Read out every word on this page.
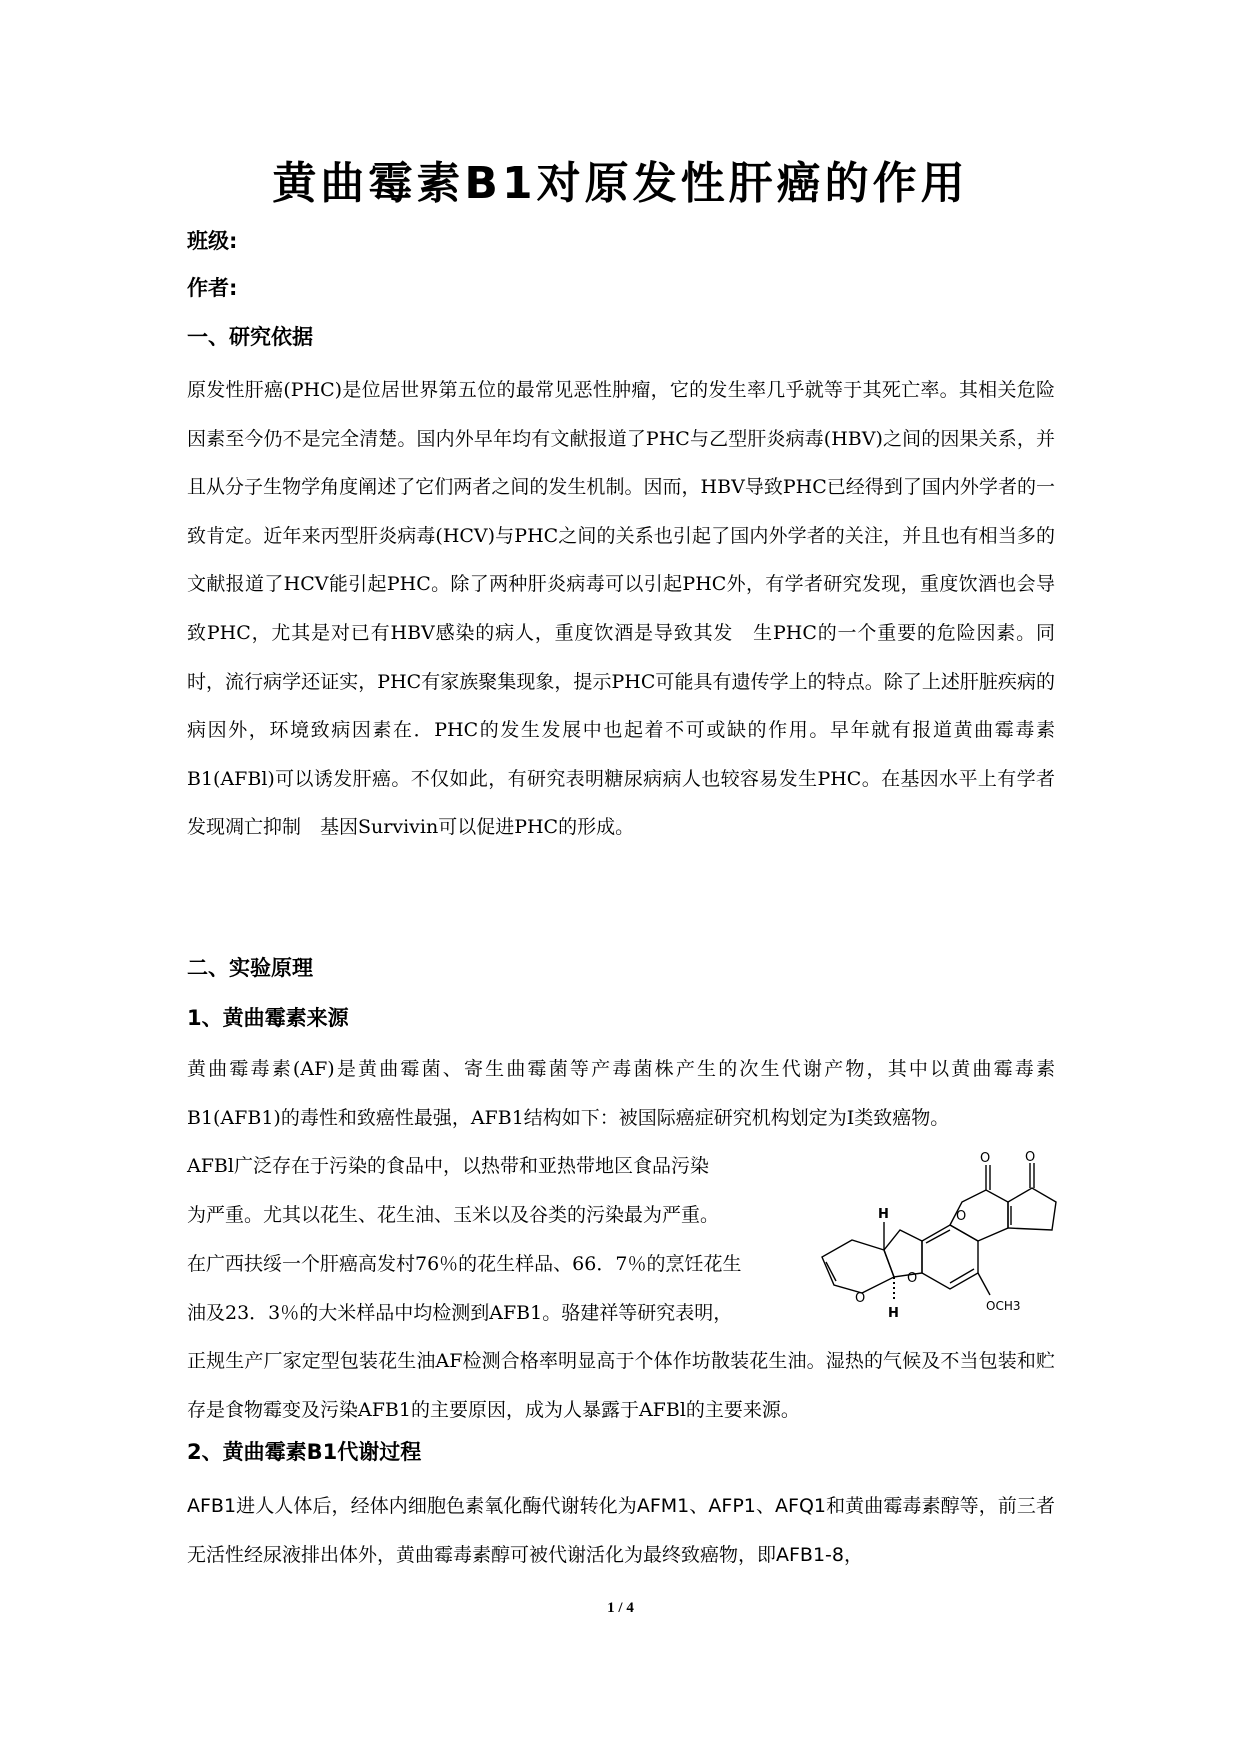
黄曲霉素B1对原发性肝癌的作用

班级:

作者:

一、研究依据

原发性肝癌(PHC)是位居世界第五位的最常见恶性肿瘤，它的发生率几乎就等于其死亡率。其相关危险因素至今仍不是完全清楚。国内外早年均有文献报道了PHC与乙型肝炎病毒(HBV)之间的因果关系，并且从分子生物学角度阐述了它们两者之间的发生机制。因而，HBV导致PHC已经得到了国内外学者的一致肯定。近年来丙型肝炎病毒(HCV)与PHC之间的关系也引起了国内外学者的关注，并且也有相当多的文献报道了HCV能引起PHC。除了两种肝炎病毒可以引起PHC外，有学者研究发现，重度饮酒也会导致PHC，尤其是对已有HBV感染的病人，重度饮酒是导致其发　生PHC的一个重要的危险因素。同时，流行病学还证实，PHC有家族聚集现象，提示PHC可能具有遗传学上的特点。除了上述肝脏疾病的病因外，环境致病因素在．PHC的发生发展中也起着不可或缺的作用。早年就有报道黄曲霉毒素B1(AFBl)可以诱发肝癌。不仅如此，有研究表明糖尿病病人也较容易发生PHC。在基因水平上有学者发现凋亡抑制　基因Survivin可以促进PHC的形成。

二、实验原理
1、黄曲霉素来源

黄曲霉毒素(AF)是黄曲霉菌、寄生曲霉菌等产毒菌株产生的次生代谢产物，其中以黄曲霉毒素B1(AFB1)的毒性和致癌性最强，AFB1结构如下：被国际癌症研究机构划定为I类致癌物。

AFBl广泛存在于污染的食品中，以热带和亚热带地区食品污染

为严重。尤其以花生、花生油、玉米以及谷类的污染最为严重。

在广西扶绥一个肝癌高发村76％的花生样品、66．7％的烹饪花生

油及23．3％的大米样品中均检测到AFB1。骆建祥等研究表明，

O	O
H
H
O
O
O
OCH3

正规生产厂家定型包装花生油AF检测合格率明显高于个体作坊散装花生油。湿热的气候及不当包装和贮存是食物霉变及污染AFB1的主要原因，成为人暴露于AFBl的主要来源。

2、黄曲霉素B1代谢过程

AFB1进人人体后，经体内细胞色素氧化酶代谢转化为AFM1、AFP1、AFQ1和黄曲霉毒素醇等，前三者无活性经尿液排出体外，黄曲霉毒素醇可被代谢活化为最终致癌物，即AFB1-8，

1 / 4
